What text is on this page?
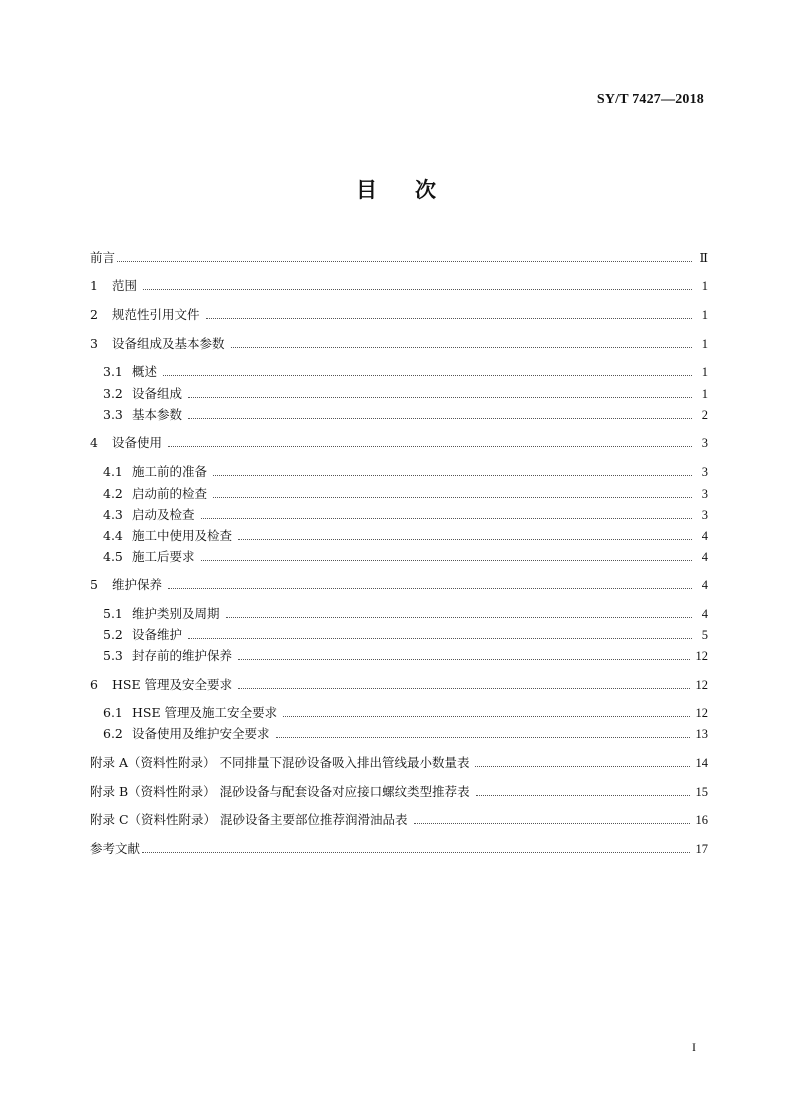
SY/T 7427—2018
目次
前言	Ⅱ
1	范围	1
2	规范性引用文件	1
3	设备组成及基本参数	1
3.1 概述	1
3.2 设备组成	1
3.3 基本参数	2
4	设备使用	3
4.1 施工前的准备	3
4.2 启动前的检查	3
4.3 启动及检查	3
4.4 施工中使用及检查	4
4.5 施工后要求	4
5	维护保养	4
5.1 维护类别及周期	4
5.2 设备维护	5
5.3 封存前的维护保养	12
6	HSE 管理及安全要求	12
6.1 HSE 管理及施工安全要求	12
6.2 设备使用及维护安全要求	13
附录 A（资料性附录） 不同排量下混砂设备吸入排出管线最小数量表	14
附录 B（资料性附录） 混砂设备与配套设备对应接口螺纹类型推荐表	15
附录 C（资料性附录） 混砂设备主要部位推荐润滑油品表	16
参考文献	17
I
